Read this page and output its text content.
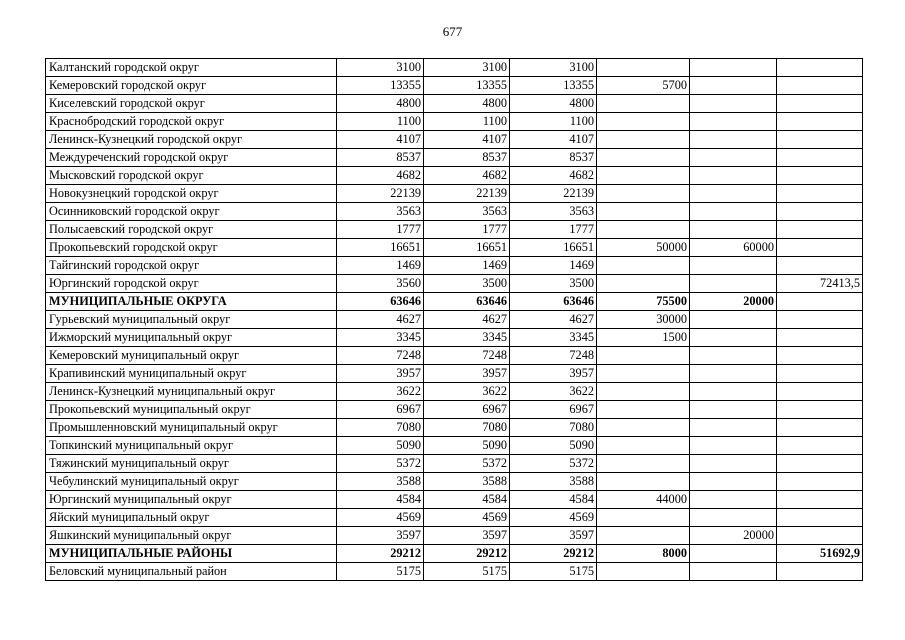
677
Калтанский городской округ	3100	3100	3100			
Кемеровский городской округ	13355	13355	13355	5700		
Киселевский городской округ	4800	4800	4800			
Краснобродский городской округ	1100	1100	1100			
Ленинск-Кузнецкий городской округ	4107	4107	4107			
Междуреченский городской округ	8537	8537	8537			
Мысковский городской округ	4682	4682	4682			
Новокузнецкий городской округ	22139	22139	22139			
Осинниковский городской округ	3563	3563	3563			
Полысаевский городской округ	1777	1777	1777			
Прокопьевский городской округ	16651	16651	16651	50000	60000	
Тайгинский городской округ	1469	1469	1469			
Юргинский городской округ	3560	3500	3500			72413,5
МУНИЦИПАЛЬНЫЕ ОКРУГА	63646	63646	63646	75500	20000	
Гурьевский муниципальный округ	4627	4627	4627	30000		
Ижморский муниципальный округ	3345	3345	3345	1500		
Кемеровский муниципальный округ	7248	7248	7248			
Крапивинский муниципальный округ	3957	3957	3957			
Ленинск-Кузнецкий муниципальный округ	3622	3622	3622			
Прокопьевский муниципальный округ	6967	6967	6967			
Промышленновский муниципальный округ	7080	7080	7080			
Топкинский муниципальный округ	5090	5090	5090			
Тяжинский муниципальный округ	5372	5372	5372			
Чебулинский муниципальный округ	3588	3588	3588			
Юргинский муниципальный округ	4584	4584	4584	44000		
Яйский муниципальный округ	4569	4569	4569			
Яшкинский муниципальный округ	3597	3597	3597		20000	
МУНИЦИПАЛЬНЫЕ РАЙОНЫ	29212	29212	29212	8000		51692,9
Беловский муниципальный район	5175	5175	5175			
